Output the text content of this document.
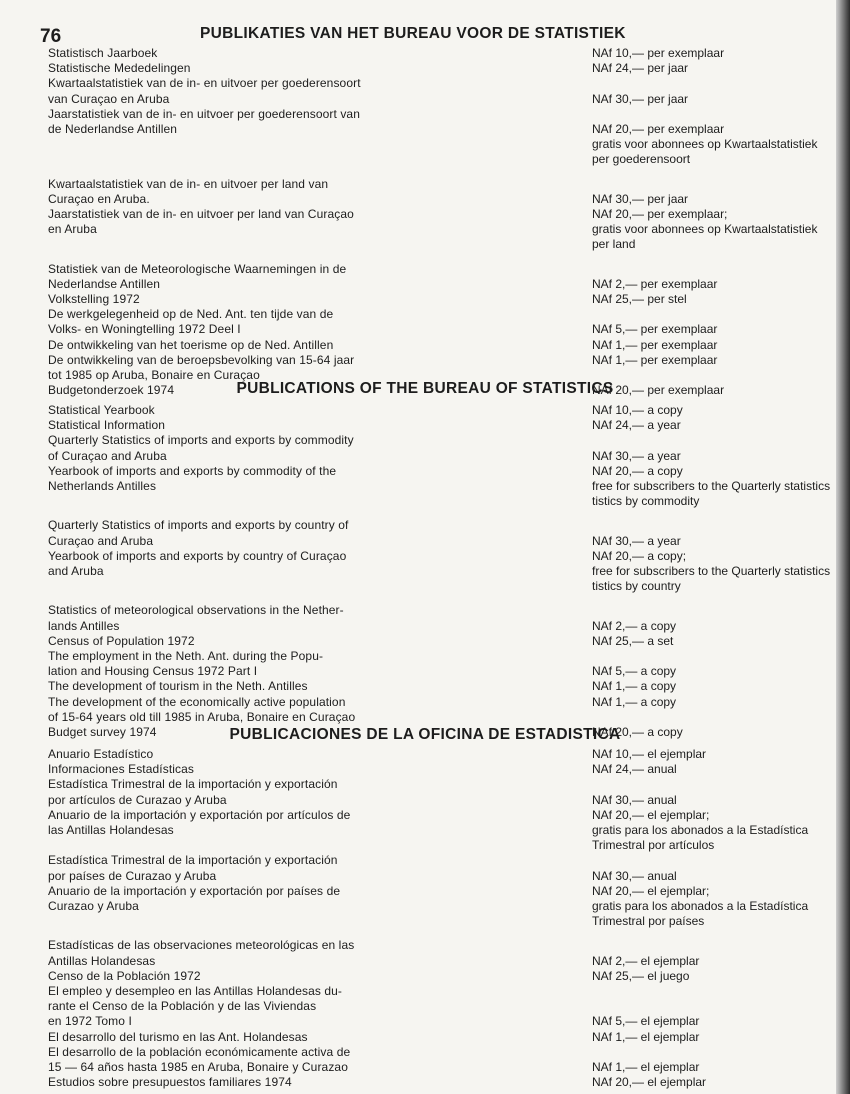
76	PUBLIKATIES VAN HET BUREAU VOOR DE STATISTIEK
Statistisch Jaarboek	NAf 10,— per exemplaar
Statistische Mededelingen	NAf 24,— per jaar
Kwartaalstatistiek van de in- en uitvoer per goederensoort
van Curaçao en Aruba
	NAf 30,— per jaar
Jaarstatistiek van de in- en uitvoer per goederensoort van
de Nederlandse Antillen
	NAf 20,— per exemplaar
gratis voor abonnees op Kwartaalstatistiek
per goederensoort
Kwartaalstatistiek van de in- en uitvoer per land van
Curaçao en Aruba.
	NAf 30,— per jaar
Jaarstatistiek van de in- en uitvoer per land van Curaçao
en Aruba
NAf 20,— per exemplaar;
gratis voor abonnees op Kwartaalstatistiek
per land
Statistiek van de Meteorologische Waarnemingen in de
Nederlandse Antillen
	NAf 2,— per exemplaar
Volkstelling 1972	NAf 25,— per stel
De werkgelegenheid op de Ned. Ant. ten tijde van de
Volks- en Woningtelling 1972 Deel I
	NAf 5,— per exemplaar
De ontwikkeling van het toerisme op de Ned. Antillen	NAf 1,— per exemplaar
De ontwikkeling van de beroepsbevolking van 15-64 jaar
tot 1985 op Aruba, Bonaire en Curaçao
NAf 1,— per exemplaar
Budgetonderzoek 1974	NAf 20,— per exemplaar
PUBLICATIONS OF THE BUREAU OF STATISTICS
Statistical Yearbook	NAf 10,— a copy
Statistical Information	NAf 24,— a year
Quarterly Statistics of imports and exports by commodity
of Curaçao and Aruba
	NAf 30,— a year
Yearbook of imports and exports by commodity of the
Netherlands Antilles
NAf 20,— a copy
free for subscribers to the Quarterly statistics
tistics by commodity
Quarterly Statistics of imports and exports by country of
Curaçao and Aruba
	NAf 30,— a year
Yearbook of imports and exports by country of Curaçao
and Aruba
NAf 20,— a copy;
free for subscribers to the Quarterly statistics
tistics by country
Statistics of meteorological observations in the Nether-
lands Antilles
	NAf 2,— a copy
Census of Population 1972	NAf 25,— a set
The employment in the Neth. Ant. during the Popu-
lation and Housing Census 1972 Part I
	NAf 5,— a copy
The development of tourism in the Neth. Antilles	NAf 1,— a copy
The development of the economically active population
of 15-64 years old till 1985 in Aruba, Bonaire en Curaçao
NAf 1,— a copy
Budget survey 1974	NAf 20,— a copy
PUBLICACIONES DE LA OFICINA DE ESTADISTICA
Anuario Estadístico	NAf 10,— el ejemplar
Informaciones Estadísticas	NAf 24,— anual
Estadística Trimestral de la importación y exportación
por artículos de Curazao y Aruba
	NAf 30,— anual
Anuario de la importación y exportación por artículos de
las Antillas Holandesas
NAf 20,— el ejemplar;
gratis para los abonados a la Estadística
Trimestral por artículos
Estadística Trimestral de la importación y exportación
por países de Curazao y Aruba
	NAf 30,— anual
Anuario de la importación y exportación por países de
Curazao y Aruba
NAf 20,— el ejemplar;
gratis para los abonados a la Estadística
Trimestral por países
Estadísticas de las observaciones meteorológicas en las
Antillas Holandesas
	NAf 2,— el ejemplar
Censo de la Población 1972	NAf 25,— el juego
El empleo y desempleo en las Antillas Holandesas du-
rante el Censo de la Población y de las Viviendas
en 1972 Tomo I

	NAf 5,— el ejemplar
El desarrollo del turismo en las Ant. Holandesas	NAf 1,— el ejemplar
El desarrollo de la población económicamente activa de
15 — 64 años hasta 1985 en Aruba, Bonaire y Curazao
	NAf 1,— el ejemplar
Estudios sobre presupuestos familiares 1974	NAf 20,— el ejemplar
